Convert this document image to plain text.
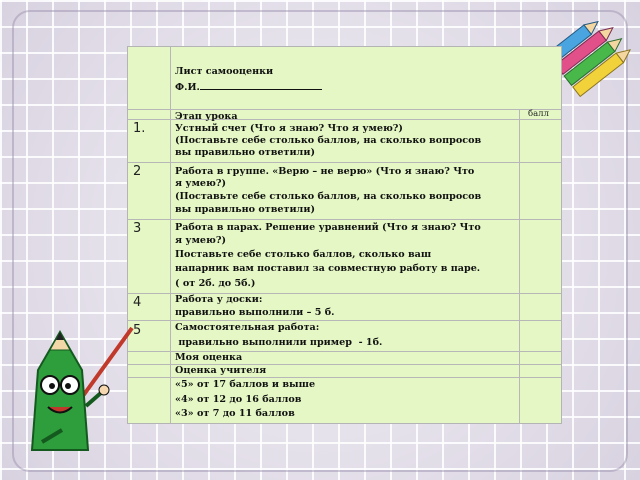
Лист самооценки

Ф.И.

Этап урока	балл

1.	Устный счет (Что я знаю? Что я умею?)

(Поставьте себе столько баллов, на сколько вопросов

вы правильно ответили)

2	Работа в группе. «Верю – не верю» (Что я знаю? Что

я умею?)

(Поставьте себе столько баллов, на сколько вопросов

вы правильно ответили)

3	Работа в парах. Решение уравнений (Что я знаю? Что

я умею?)

Поставьте себе столько баллов, сколько ваш

напарник вам поставил за совместную работу в паре.

( от 2б. до 5б.)

4	Работа у доски:

правильно выполнили – 5 б.

5	Самостоятельная работа:

правильно выполнили пример  - 1б.

Моя оценка

Оценка учителя

«5» от 17 баллов и выше

«4» от 12 до 16 баллов

«3» от 7 до 11 баллов
